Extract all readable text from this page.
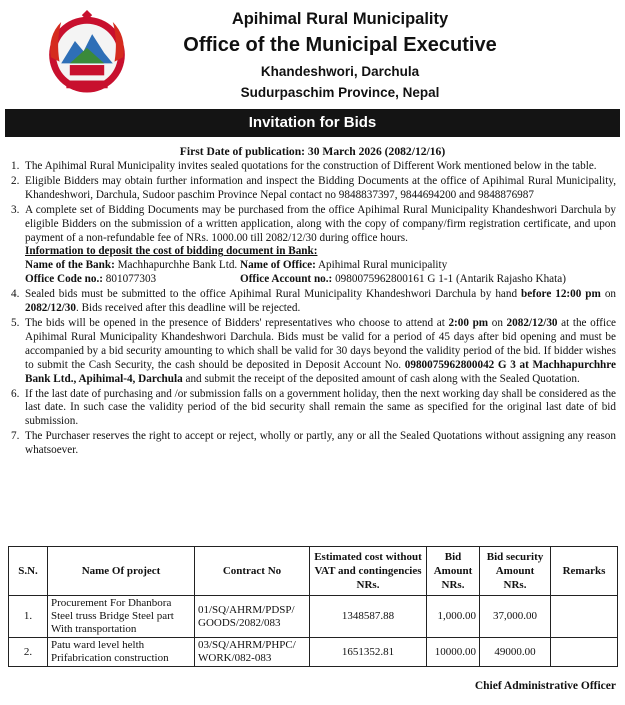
Apihimal Rural Municipality
Office of the Municipal Executive
Khandeshwori, Darchula
Sudurpaschim Province, Nepal
Invitation for Bids
First Date of publication: 30 March 2026 (2082/12/16)
1. The Apihimal Rural Municipality invites sealed quotations for the construction of Different Work mentioned below in the table.
2. Eligible Bidders may obtain further information and inspect the Bidding Documents at the office of Apihimal Rural Municipality, Khandeshwori, Darchula, Sudoor paschim Province Nepal contact no 9848837397, 9844694200 and 9848876987
3. A complete set of Bidding Documents may be purchased from the office Apihimal Rural Municipality Khandeshwori Darchula by eligible Bidders on the submission of a written application, along with the copy of company/firm registration certificate, and upon payment of a non-refundable fee of NRs. 1000.00 till 2082/12/30 during office hours.
Information to deposit the cost of bidding document in Bank:
Name of the Bank: Machhapurchhe Bank Ltd. Name of Office: Apihimal Rural municipality
Office Code no.: 801077303	Office Account no.: 0980075962800161 G 1-1 (Antarik Rajasho Khata)
4. Sealed bids must be submitted to the office Apihimal Rural Municipality Khandeshwori Darchula by hand before 12:00 pm on 2082/12/30. Bids received after this deadline will be rejected.
5. The bids will be opened in the presence of Bidders' representatives who choose to attend at 2:00 pm on 2082/12/30 at the office Apihimal Rural Municipality Khandeshwori Darchula. Bids must be valid for a period of 45 days after bid opening and must be accompanied by a bid security amounting to which shall be valid for 30 days beyond the validity period of the bid. If bidder wishes to submit the Cash Security, the cash should be deposited in Deposit Account No. 0980075962800042 G 3 at Machhapurchhre Bank Ltd., Apihimal-4, Darchula and submit the receipt of the deposited amount of cash along with the Sealed Quotation.
6. If the last date of purchasing and /or submission falls on a government holiday, then the next working day shall be considered as the last date. In such case the validity period of the bid security shall remain the same as specified for the original last date of bid submission.
7. The Purchaser reserves the right to accept or reject, wholly or partly, any or all the Sealed Quotations without assigning any reason whatsoever.
S.N.	Name Of project	Contract No	Estimated cost without VAT and contingencies NRs.	Bid Amount NRs.	Bid security Amount NRs.	Remarks
1.	Procurement For Dhanbora Steel truss Bridge Steel part With transportation	01/SQ/AHRM/PDSP/ GOODS/2082/083	1348587.88	1,000.00	37,000.00	
2.	Patu ward level helth Prifabrication construction	03/SQ/AHRM/PHPC/ WORK/082-083	1651352.81	10000.00	49000.00	
Chief Administrative Officer
